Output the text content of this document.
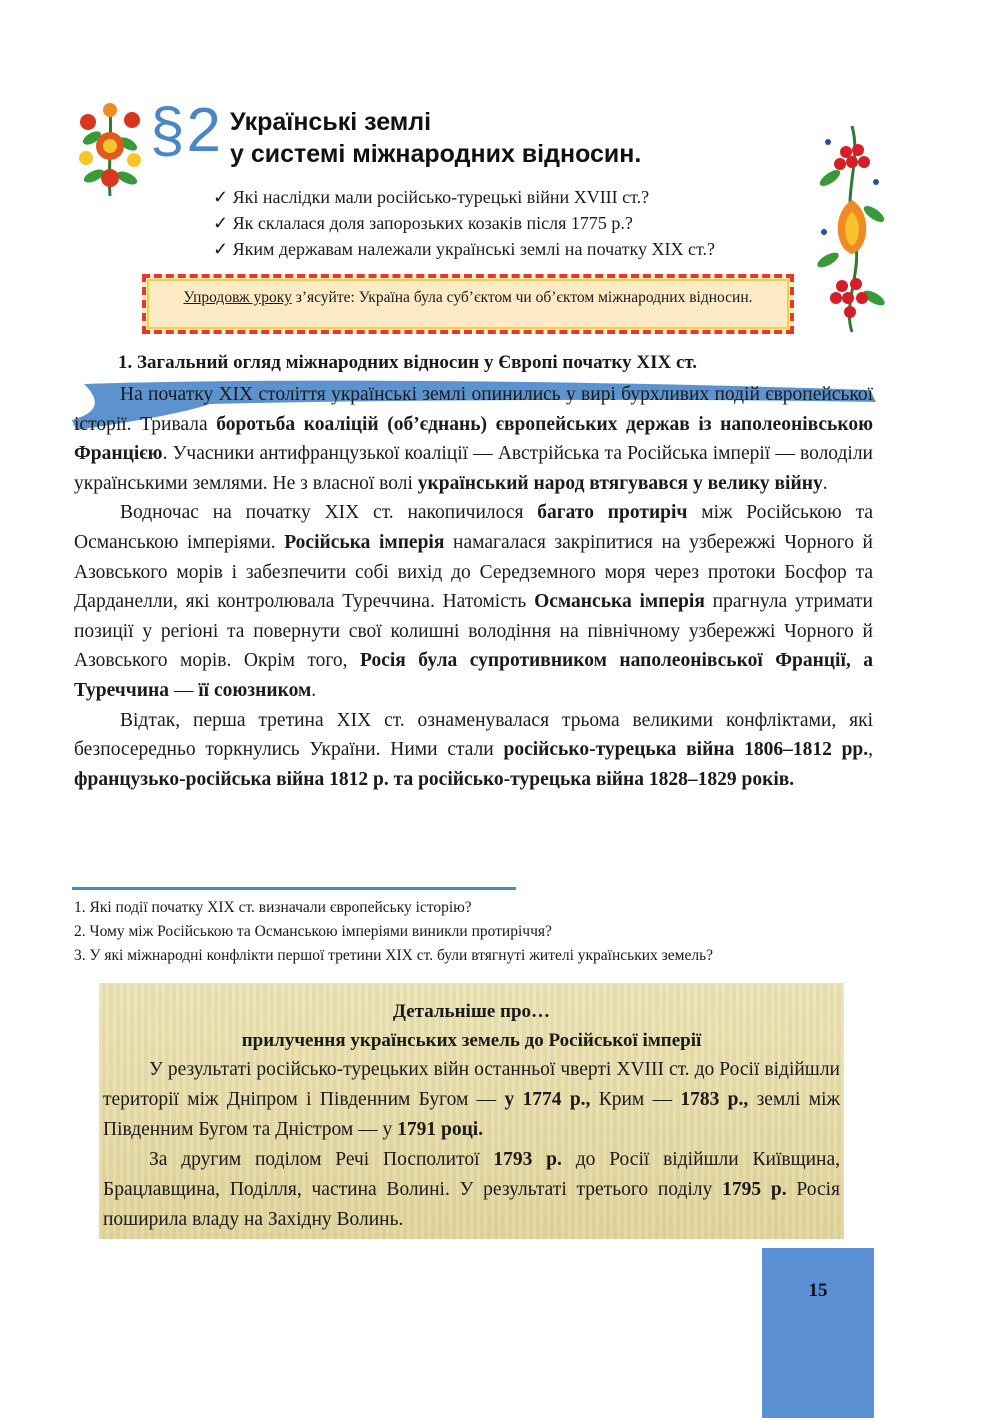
§2 Українські землі
у системі міжнародних відносин.
✓ Які наслідки мали російсько-турецькі війни XVIII ст.?
✓ Як склалася доля запорозьких козаків після 1775 р.?
✓ Яким державам належали українські землі на початку XIX ст.?
Упродовж уроку з’ясуйте: Україна була суб’єктом чи об’єктом міжнародних відносин.
1. Загальний огляд міжнародних відносин у Європі початку XIX ст.

На початку XIX століття українські землі опинились у вирі бурхливих подій європейської історії. Тривала боротьба коаліцій (об’єднань) європейських держав із наполеонівською Францією. Учасники антифранцузької коаліції — Австрійська та Російська імперії — володіли українськими землями. Не з власної волі український народ втягувався у велику війну.

Водночас на початку XIX ст. накопичилося багато протиріч між Російською та Османською імперіями. Російська імперія намагалася закріпитися на узбережжі Чорного й Азовського морів і забезпечити собі вихід до Середземного моря через протоки Босфор та Дарданелли, які контролювала Туреччина. Натомість Османська імперія прагнула утримати позиції у регіоні та повернути свої колишні володіння на північному узбережжі Чорного й Азовського морів. Окрім того, Росія була супротивником наполеонівської Франції, а Туреччина — її союзником.

Відтак, перша третина XIX ст. ознаменувалася трьома великими конфліктами, які безпосередньо торкнулись України. Ними стали російсько-турецька війна 1806–1812 рр., французько-російська війна 1812 р. та російсько-турецька війна 1828–1829 років.

1. Які події початку XIX ст. визначали європейську історію?
2. Чому між Російською та Османською імперіями виникли протиріччя?
3. У які міжнародні конфлікти першої третини XIX ст. були втягнуті жителі українських земель?
Детальніше про…
прилучення українських земель до Російської імперії

У результаті російсько-турецьких війн останньої чверті XVIII ст. до Росії відійшли території між Дніпром і Південним Бугом — у 1774 р., Крим — 1783 р., землі між Південним Бугом та Дністром — у 1791 році.

За другим поділом Речі Посполитої 1793 р. до Росії відійшли Київщина, Брацлавщина, Поділля, частина Волині. У результаті третього поділу 1795 р. Росія поширила владу на Західну Волинь.

15
